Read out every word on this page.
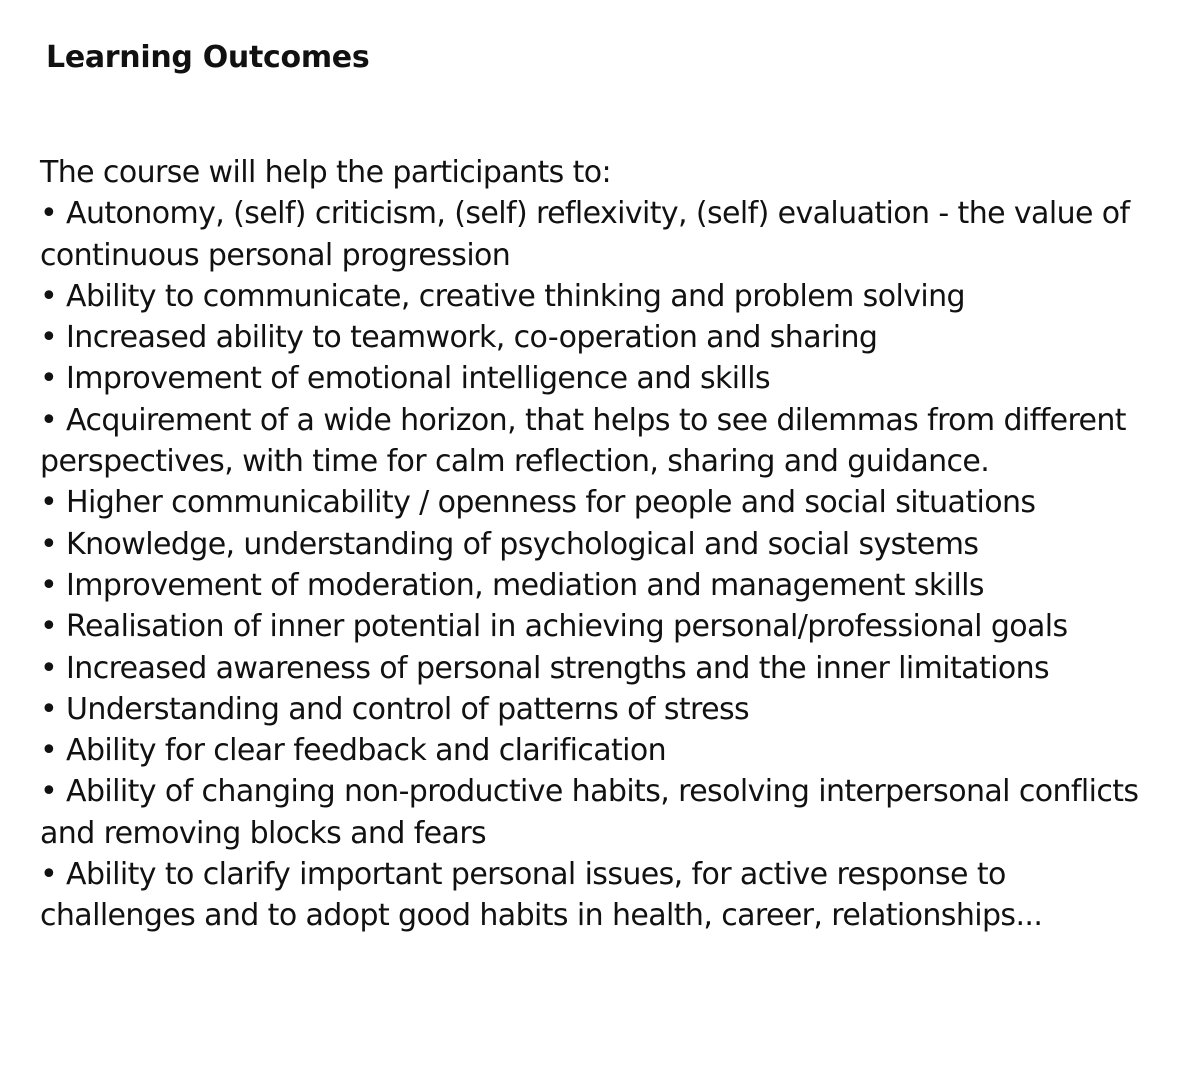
Learning Outcomes

The course will help the participants to:

• Autonomy, (self) criticism, (self) reflexivity, (self) evaluation - the value of continuous personal progression
• Ability to communicate, creative thinking and problem solving
• Increased ability to teamwork, co-operation and sharing
• Improvement of emotional intelligence and skills
• Acquirement of a wide horizon, that helps to see dilemmas from different perspectives, with time for calm reflection, sharing and guidance.
• Higher communicability / openness for people and social situations
• Knowledge, understanding of psychological and social systems
• Improvement of moderation, mediation and management skills
• Realisation of inner potential in achieving personal/professional goals
• Increased awareness of personal strengths and the inner limitations
• Understanding and control of patterns of stress
• Ability for clear feedback and clarification
• Ability of changing non-productive habits, resolving interpersonal conflicts and removing blocks and fears
• Ability to clarify important personal issues, for active response to challenges and to adopt good habits in health, career, relationships...
